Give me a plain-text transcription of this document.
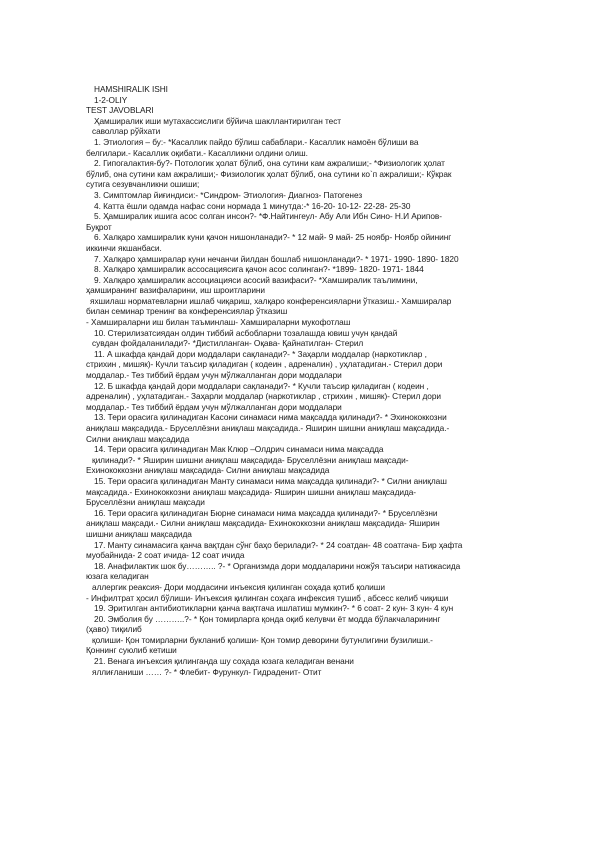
HAMSHIRALIK ISHI
1-2-OLIY
TEST JAVOBLARI
Ҳамширалик иши мутахассислиги бўйича шакллантирилган тест
саволлар рўйхати
1. Этиология – бу:- *Касаллик пайдо бўлиш сабаблари.- Касаллик намоён бўлиши ва
белгилари.- Касаллик оқибати.- Касалликни олдини олиш.
2. Гипогалактия-бу?- Потологик ҳолат бўлиб, она сутини кам ажралиши;- *Физиологик ҳолат
бўлиб, она сутини кам ажралиши;- Физиологик ҳолат бўлиб, она сутини ко`п ажралиши;- Кўкрак
сутига сезувчанликни ошиши;
3. Симптомлар йиғиндиси:- *Синдром- Этиология- Диагноз- Патогенез
4. Катта ёшли одамда нафас сони нормада 1 минутда:-* 16-20- 10-12- 22-28- 25-30
5. Ҳамширалик ишига асос солган инсон?- *Ф.Найтингеул- Абу Али Ибн Сино- Н.И Арипов-
Буқрот
6. Халқаро хамширалик куни қачон нишонланади?- * 12 май- 9 май- 25 ноябр- Ноябр ойининг
иккинчи якшанбаси.
7. Халқаро ҳамширалар куни нечанчи йилдан бошлаб нишонланади?- * 1971- 1990- 1890- 1820
8. Халқаро ҳамширалик ассосациясига қачон асос солинган?- *1899- 1820- 1971- 1844
9. Халқаро ҳамширалик ассоциацияси асосий вазифаси?- *Хамширалик таълимини,
ҳамширанинг вазифаларини, иш шроитларини
яхшилаш норматевларни ишлаб чиқариш, халқаро конференсияларни ўтказиш.- Хамширалар
билан семинар тренинг ва конференсиялар ўтказиш
- Хамшираларни иш билан таъминлаш- Хамшираларни мукофотлаш
10. Стерилизатсиядан олдин тиббий асбобларни тозалашда ювиш учун қандай
сувдан фойдаланилади?- *Дистилланган- Оқава- Қайнатилган- Стерил
11. А шкафда қандай дори моддалари сақланади?- * Заҳарли моддалар (наркотиклар ,
стрихин , мишяк)- Кучли таъсир қиладиган ( кодеин , адреналин) , уҳлатадиган.- Стерил дори
моддалар.- Тез тиббий ёрдам учун мўлжалланган дори моддалари
12. Б шкафда қандай дори моддалари сақланади?- * Кучли таъсир қиладиган ( кодеин ,
адреналин) , уҳлатадиган.- Заҳарли моддалар (наркотиклар , стрихин , мишяк)- Стерил дори
моддалар.- Тез тиббий ёрдам учун мўлжалланган дори моддалари
13. Тери орасига қилинадиган Касони синамаси нима мақсадда қилинади?- * Эхинококкозни
аниқлаш мақсадида.- Бруселлёзни аниқлаш мақсадида.- Яширин шишни аниқлаш мақсадида.-
Силни аниқлаш мақсадида
14. Тери орасига қилинадиган Мак Клюр –Олдрич синамаси нима мақсадда
қилинади?- * Яширин шишни аниқлаш мақсадида- Бруселлёзни аниқлаш мақсади-
Ехинококкозни аниқлаш мақсадида- Силни аниқлаш мақсадида
15. Тери орасига қилинадиган Манту синамаси нима мақсадда қилинади?- * Силни аниқлаш
мақсадида.- Ехинококкозни аниқлаш мақсадида- Яширин шишни аниқлаш мақсадида-
Бруселлёзни аниқлаш мақсади
16. Тери орасига қилинадиган Бюрне синамаси нима мақсадда қилинади?- * Бруселлёзни
аниқлаш мақсади.- Силни аниқлаш мақсадида- Ехинококкозни аниқлаш мақсадида- Яширин
шишни аниқлаш мақсадида
17. Манту синамасига қанча вақтдан сўнг баҳо берилади?- * 24 соатдан- 48 соатгача- Бир ҳафта
муобайнида- 2 соат ичида- 12 соат ичида
18. Анафилактик шок бу……….. ?- * Организмда дори моддаларини ножўя таъсири натижасида
юзага келадиган
аллергик реаксия- Дори моддасини инъексия қилинган соҳада қотиб қолиши
- Инфилтрат ҳосил бўлиши- Инъексия қилинган соҳага инфексия тушиб , абсесс келиб чиқиши
19. Эритилган антибиотикларни қанча вақтгача ишлатиш мумкин?- * 6 соат- 2 кун- 3 кун- 4 кун
20. Эмболия бу ………..?- * Қон томирларга қонда оқиб келувчи ёт модда бўлакчаларининг
(ҳаво) тиқилиб
қолиши- Қон томирларни букланиб қолиши- Қон томир деворини бутунлигини бузилиши.-
Қоннинг суюлиб кетиши
21. Венага инъексия қилинганда шу соҳада юзага келадиган венани
яллиғланиши …… ?- * Флебит- Фурункул- Гидраденит- Отит
